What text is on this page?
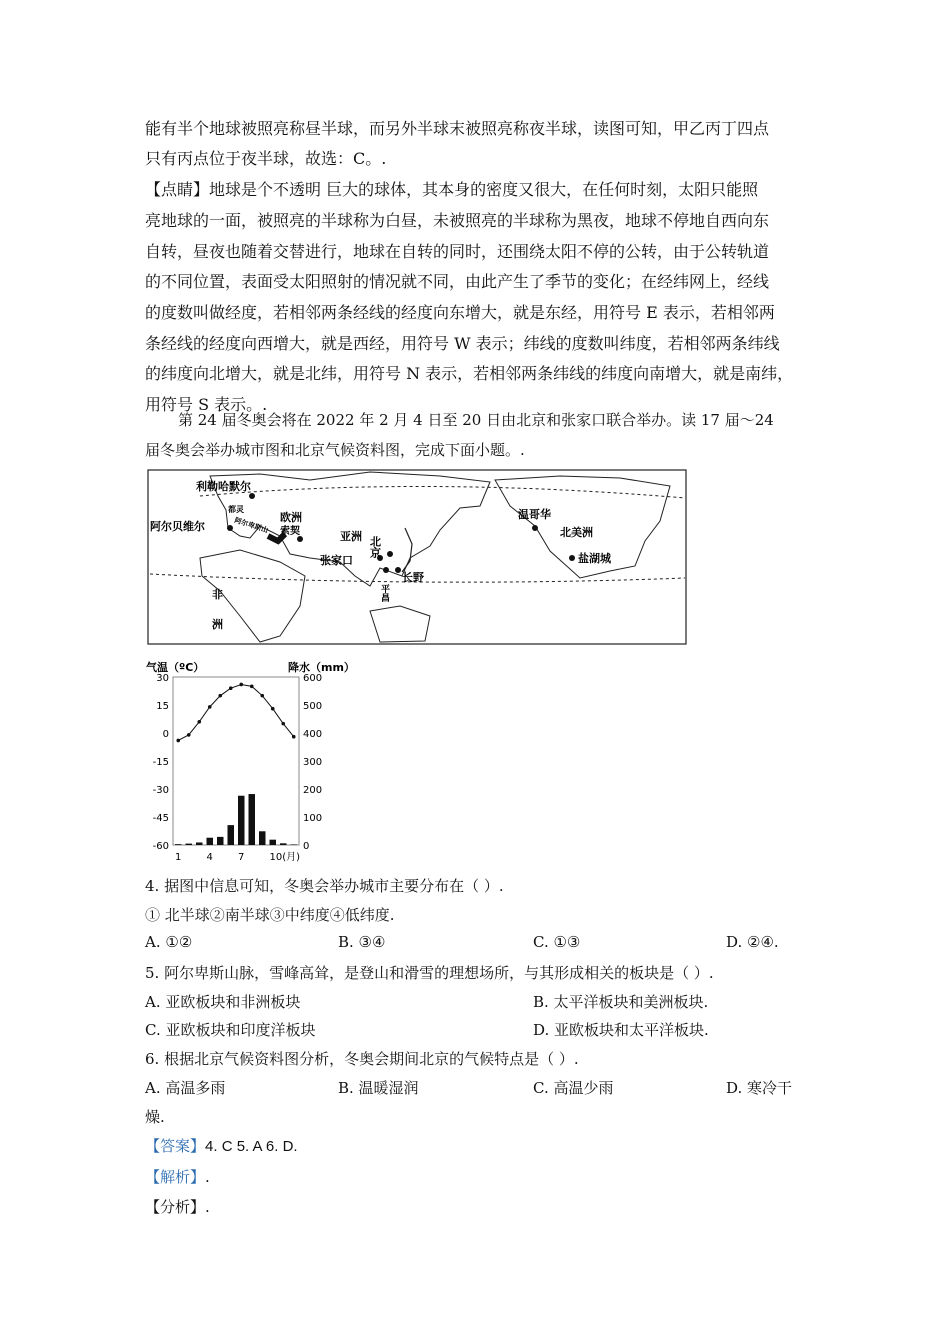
能有半个地球被照亮称昼半球，而另外半球末被照亮称夜半球，读图可知，甲乙丙丁四点
只有丙点位于夜半球，故选：C。.
【点睛】地球是个不透明 巨大的球体，其本身的密度又很大，在任何时刻，太阳只能照
亮地球的一面，被照亮的半球称为白昼，未被照亮的半球称为黑夜，地球不停地自西向东
自转，昼夜也随着交替进行，地球在自转的同时，还围绕太阳不停的公转，由于公转轨道
的不同位置，表面受太阳照射的情况就不同，由此产生了季节的变化；在经纬网上，经线
的度数叫做经度，若相邻两条经线的经度向东增大，就是东经，用符号 E 表示，若相邻两
条经线的经度向西增大，就是西经，用符号 W 表示；纬线的度数叫纬度，若相邻两条纬线
的纬度向北增大，就是北纬，用符号 N 表示，若相邻两条纬线的纬度向南增大，就是南纬，
用符号 S 表示。.
第 24 届冬奥会将在 2022 年 2 月 4 日至 20 日由北京和张家口联合举办。读 17 届～24
届冬奥会举办城市图和北京气候资料图，完成下面小题。.
利勒哈默尔
阿尔贝维尔
都灵
阿尔卑斯山 索契
欧洲
亚洲 北京
张家口
长野
平昌
温哥华
北美洲
盐湖城
非
洲
气温（ºC）	降水（mm）
30
15
0
-15
-30
-45
-60
600
500
400
300
200
100
0
1	4	7	10(月)
4. 据图中信息可知，冬奥会举办城市主要分布在（ ）.
① 北半球②南半球③中纬度④低纬度.
A. ①②	B. ③④	C. ①③	D. ②④.
5. 阿尔卑斯山脉，雪峰高耸，是登山和滑雪的理想场所，与其形成相关的板块是（ ）.
A. 亚欧板块和非洲板块	B. 太平洋板块和美洲板块.
C. 亚欧板块和印度洋板块	D. 亚欧板块和太平洋板块.
6. 根据北京气候资料图分析，冬奥会期间北京的气候特点是（ ）.
A. 高温多雨	B. 温暖湿润	C. 高温少雨	D. 寒冷干
燥.
【答案】4. C 5. A 6. D.
【解析】.
【分析】.
